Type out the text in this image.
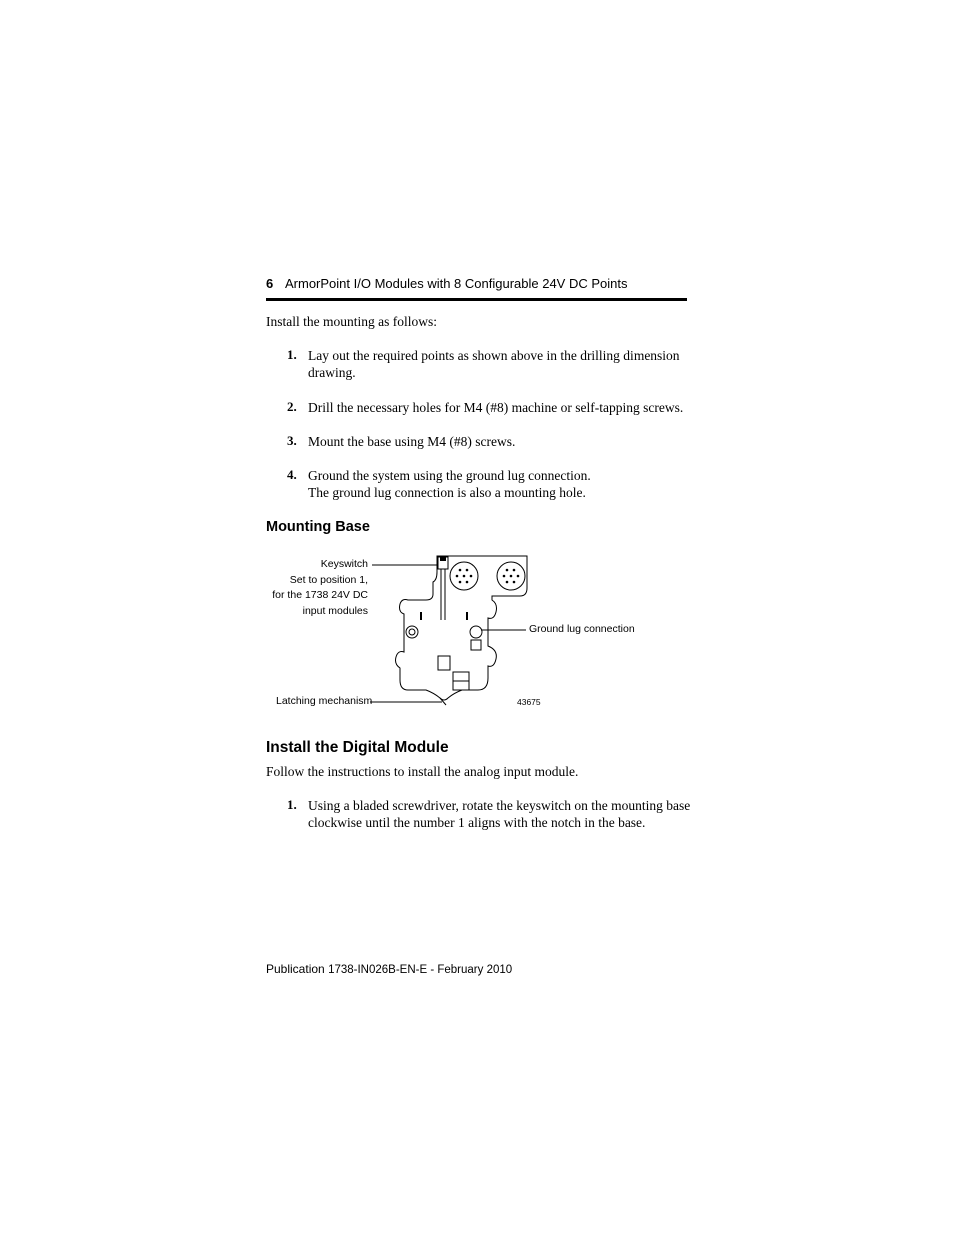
6 ArmorPoint I/O Modules with 8 Configurable 24V DC Points
Install the mounting as follows:
1. Lay out the required points as shown above in the drilling dimension
drawing.
2. Drill the necessary holes for M4 (#8) machine or self-tapping screws.
3. Mount the base using M4 (#8) screws.
4. Ground the system using the ground lug connection.
The ground lug connection is also a mounting hole.
Mounting Base
Keyswitch
Set to position 1,
for the 1738 24V DC
input modules
Ground lug connection
Latching mechanism	43675
Install the Digital Module
Follow the instructions to install the analog input module.
1. Using a bladed screwdriver, rotate the keyswitch on the mounting base
clockwise until the number 1 aligns with the notch in the base.
Publication 1738-IN026B-EN-E - February 2010
